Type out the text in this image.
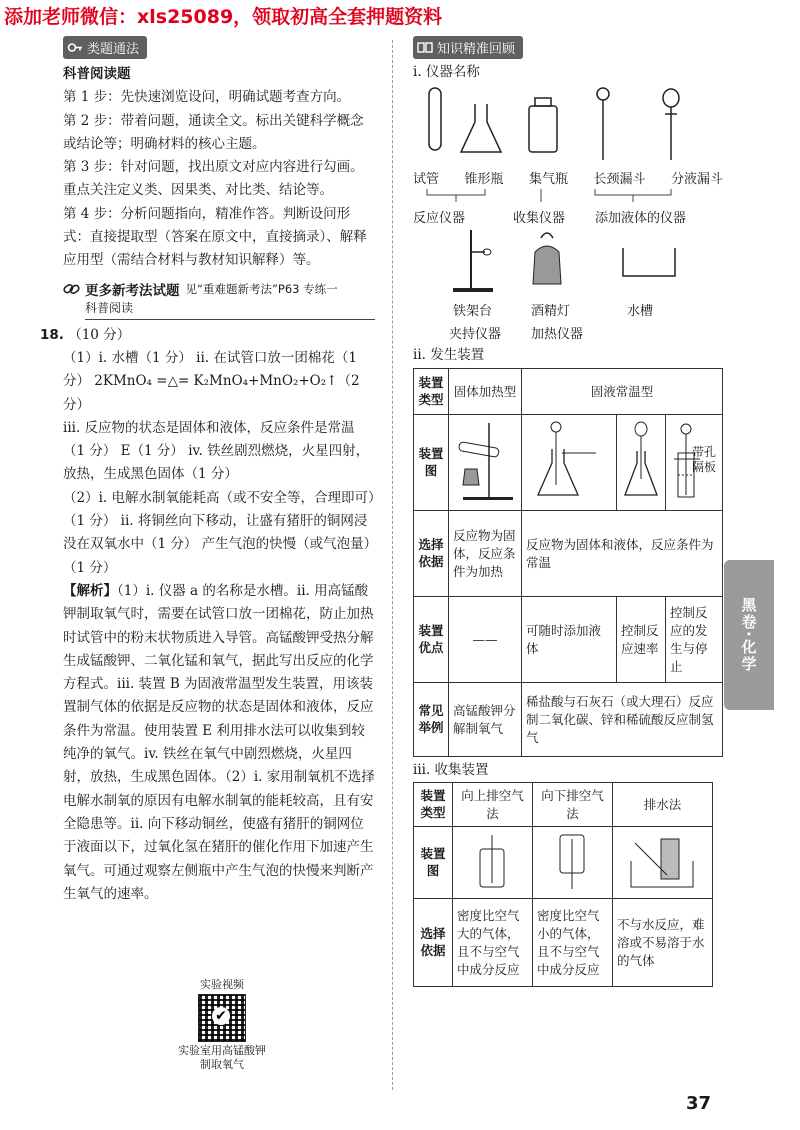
添加老师微信：xls25089，领取初高全套押题资料
类题通法

科普阅读题

第 1 步：先快速浏览设问，明确试题考查方向。

第 2 步：带着问题，通读全文。标出关键科学概念或结论等；明确材料的核心主题。

第 3 步：针对问题，找出原文对应内容进行勾画。重点关注定义类、因果类、对比类、结论等。

第 4 步：分析问题指向，精准作答。判断设问形式：直接提取型（答案在原文中，直接摘录）、解释应用型（需结合材料与教材知识解释）等。

更多新考法试题 见“重难题新考法”P63 专练一
科普阅读

18. （10 分）

（1）i. 水槽（1 分） ii. 在试管口放一团棉花（1 分） 2KMnO₄ =△= K₂MnO₄+MnO₂+O₂↑（2 分）

iii. 反应物的状态是固体和液体，反应条件是常温（1 分） E（1 分） iv. 铁丝剧烈燃烧，火星四射，放热，生成黑色固体（1 分）

（2）i. 电解水制氧能耗高（或不安全等，合理即可）（1 分） ii. 将铜丝向下移动，让盛有猪肝的铜网浸没在双氧水中（1 分） 产生气泡的快慢（或气泡量）（1 分）

【解析】（1）i. 仪器 a 的名称是水槽。ii. 用高锰酸钾制取氧气时，需要在试管口放一团棉花，防止加热时试管中的粉末状物质进入导管。高锰酸钾受热分解生成锰酸钾、二氧化锰和氧气，据此写出反应的化学方程式。iii. 装置 B 为固液常温型发生装置，用该装置制气体的依据是反应物的状态是固体和液体，反应条件为常温。使用装置 E 利用排水法可以收集到较纯净的氧气。iv. 铁丝在氧气中剧烈燃烧，火星四射，放热，生成黑色固体。（2）i. 家用制氧机不选择电解水制氧的原因有电解水制氧的能耗较高，且有安全隐患等。ii. 向下移动铜丝，使盛有猪肝的铜网位于液面以下，过氧化氢在猪肝的催化作用下加速产生氧气。可通过观察左侧瓶中产生气泡的快慢来判断产生氧气的速率。

实验视频
✔
实验室用高锰酸钾制取氧气
知识精准回顾
i. 仪器名称
试管 锥形瓶 集气瓶 长颈漏斗 分液漏斗
反应仪器	收集仪器	添加液体的仪器
铁架台	酒精灯	水槽
夹持仪器	加热仪器
ii. 发生装置
装置类型	固体加热型	固液常温型		
装置图				带孔隔板

选择依据	反应物为固体，反应条件为加热	反应物为固体和液体，反应条件为常温		
装置优点	——	可随时添加液体	控制反应速率	控制反应的发生与停止
常见举例	高锰酸钾分解制氧气	稀盐酸与石灰石（或大理石）反应制二氧化碳、锌和稀硫酸反应制氢气		
iii. 收集装置
装置类型	向上排空气法	向下排空气法	排水法
装置图			
选择依据	密度比空气大的气体，且不与空气中成分反应	密度比空气小的气体，且不与空气中成分反应	不与水反应，难溶或不易溶于水的气体
黑卷·化学
37
